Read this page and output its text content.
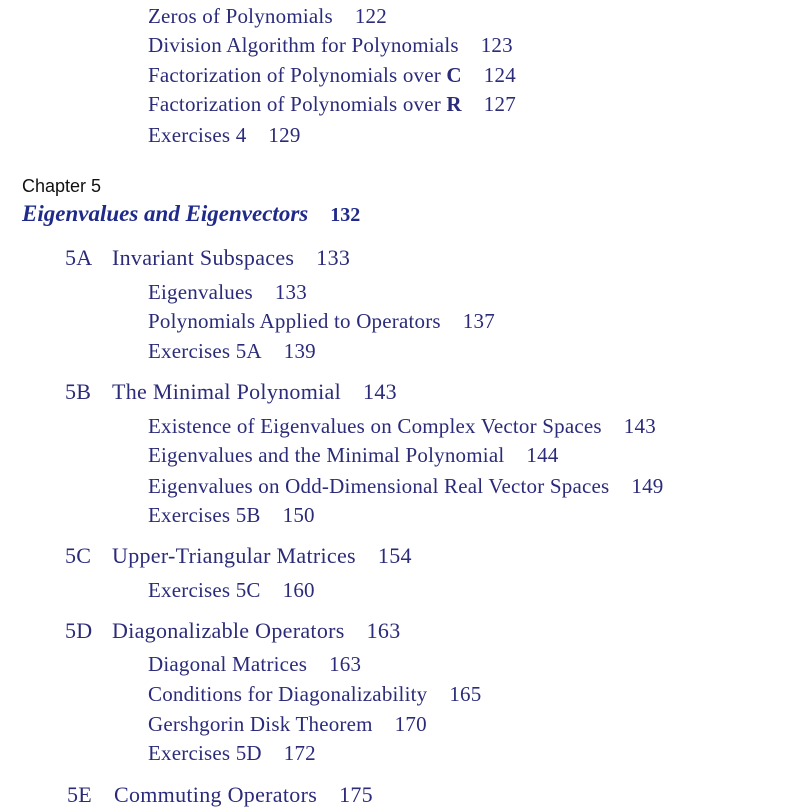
Zeros of Polynomials 122
Division Algorithm for Polynomials 123
Factorization of Polynomials over C 124
Factorization of Polynomials over R 127
Exercises 4 129
Chapter 5
Eigenvalues and Eigenvectors 132
5A Invariant Subspaces 133
Eigenvalues 133
Polynomials Applied to Operators 137
Exercises 5A 139
5B The Minimal Polynomial 143
Existence of Eigenvalues on Complex Vector Spaces 143
Eigenvalues and the Minimal Polynomial 144
Eigenvalues on Odd-Dimensional Real Vector Spaces 149
Exercises 5B 150
5C Upper-Triangular Matrices 154
Exercises 5C 160
5D Diagonalizable Operators 163
Diagonal Matrices 163
Conditions for Diagonalizability 165
Gershgorin Disk Theorem 170
Exercises 5D 172
5E Commuting Operators 175
